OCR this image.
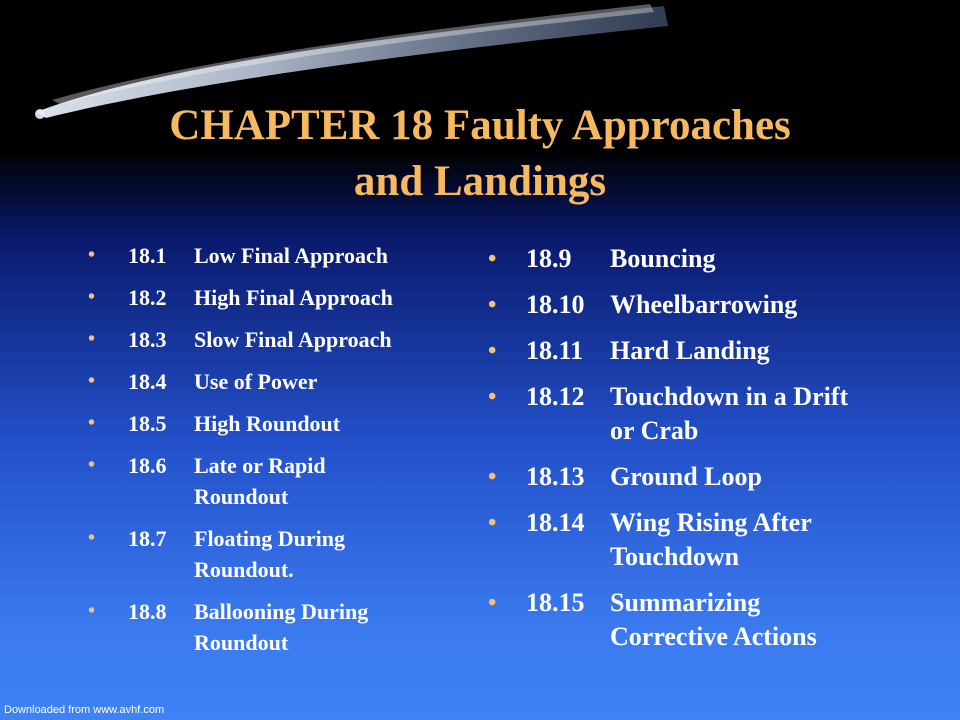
CHAPTER 18 Faulty Approaches
and Landings
• 18.1 Low Final Approach
• 18.2 High Final Approach
• 18.3 Slow Final Approach
• 18.4 Use of Power
• 18.5 High Roundout
• 18.6 Late or Rapid Roundout
• 18.7 Floating During Roundout.
• 18.8 Ballooning During Roundout
• 18.9 Bouncing
• 18.10 Wheelbarrowing
• 18.11 Hard Landing
• 18.12 Touchdown in a Drift or Crab
• 18.13 Ground Loop
• 18.14 Wing Rising After Touchdown
• 18.15 Summarizing Corrective Actions
Downloaded from www.avhf.com
